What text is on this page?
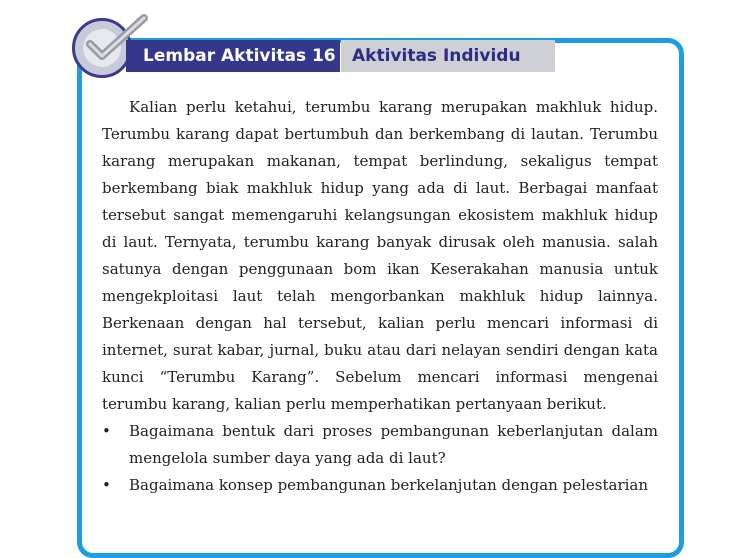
Lembar Aktivitas 16 Aktivitas Individu

Kalian perlu ketahui, terumbu karang merupakan makhluk hidup. Terumbu karang dapat bertumbuh dan berkembang di lautan. Terumbu karang merupakan makanan, tempat berlindung, sekaligus tempat berkembang biak makhluk hidup yang ada di laut. Berbagai manfaat tersebut sangat memengaruhi kelangsungan ekosistem makhluk hidup di laut. Ternyata, terumbu karang banyak dirusak oleh manusia. salah satunya dengan penggunaan bom ikan Keserakahan manusia untuk mengekploitasi laut telah mengorbankan makhluk hidup lainnya. Berkenaan dengan hal tersebut, kalian perlu mencari informasi di internet, surat kabar, jurnal, buku atau dari nelayan sendiri dengan kata kunci “Terumbu Karang”. Sebelum mencari informasi mengenai terumbu karang, kalian perlu memperhatikan pertanyaan berikut.

• Bagaimana bentuk dari proses pembangunan keberlanjutan dalam mengelola sumber daya yang ada di laut?
• Bagaimana konsep pembangunan berkelanjutan dengan pelestarian
